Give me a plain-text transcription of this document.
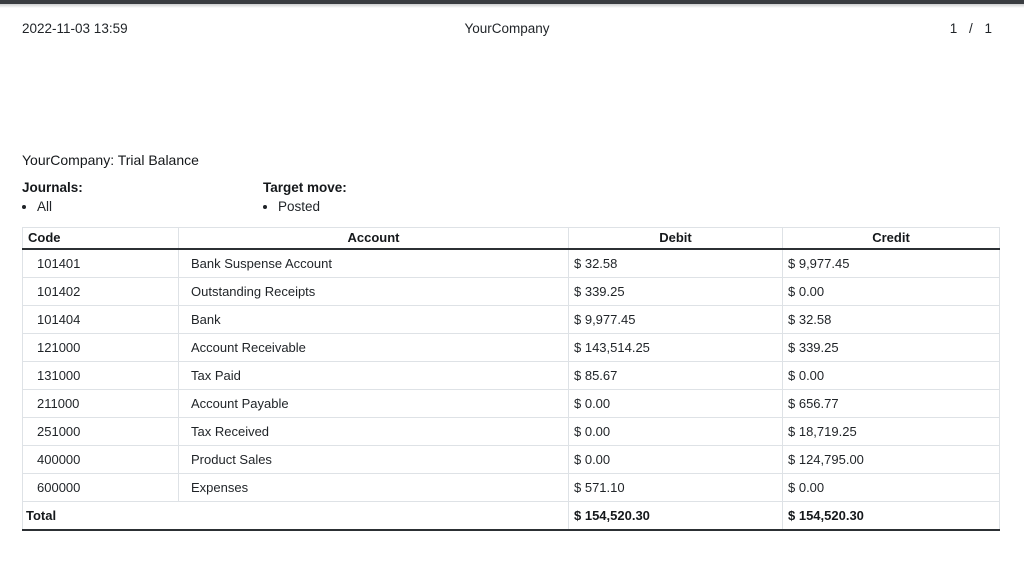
2022-11-03 13:59	YourCompany	1 / 1
YourCompany: Trial Balance
Journals:
• All
Target move:
• Posted
Code	Account	Debit	Credit
101401	Bank Suspense Account	$ 32.58	$ 9,977.45
101402	Outstanding Receipts	$ 339.25	$ 0.00
101404	Bank	$ 9,977.45	$ 32.58
121000	Account Receivable	$ 143,514.25	$ 339.25
131000	Tax Paid	$ 85.67	$ 0.00
211000	Account Payable	$ 0.00	$ 656.77
251000	Tax Received	$ 0.00	$ 18,719.25
400000	Product Sales	$ 0.00	$ 124,795.00
600000	Expenses	$ 571.10	$ 0.00
Total		$ 154,520.30	$ 154,520.30
